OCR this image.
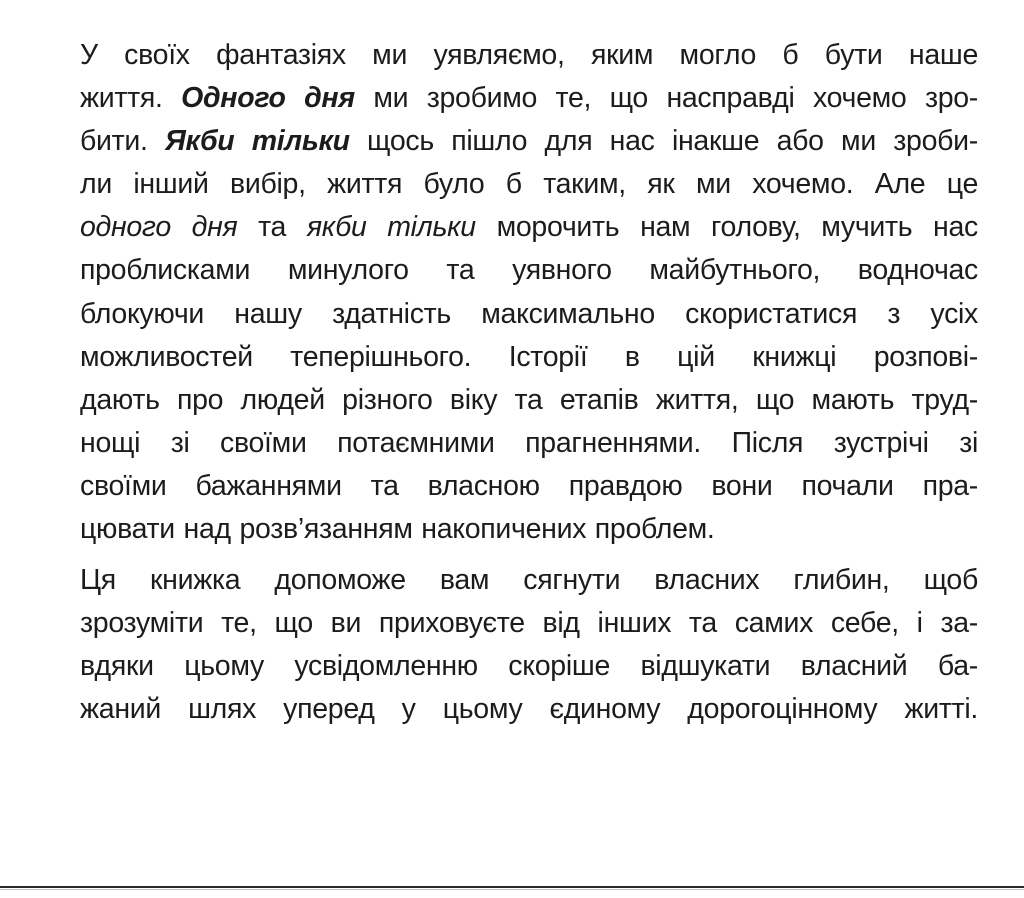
У своїх фантазіях ми уявляємо, яким могло б бути наше
життя. Одного дня ми зробимо те, що насправді хочемо зро-
бити. Якби тільки щось пішло для нас інакше або ми зроби-
ли інший вибір, життя було б таким, як ми хочемо. Але це
одного дня та якби тільки морочить нам голову, мучить нас
проблисками минулого та уявного майбутнього, водночас
блокуючи нашу здатність максимально скористатися з усіх
можливостей теперішнього. Історії в цій книжці розпові-
дають про людей різного віку та етапів життя, що мають труд-
нощі зі своїми потаємними прагненнями. Після зустрічі зі
своїми бажаннями та власною правдою вони почали пра-
цювати над розв’язанням накопичених проблем.

Ця книжка допоможе вам сягнути власних глибин, щоб
зрозуміти те, що ви приховуєте від інших та самих себе, і за-
вдяки цьому усвідомленню скоріше відшукати власний ба-
жаний шлях уперед у цьому єдиному дорогоцінному житті.
